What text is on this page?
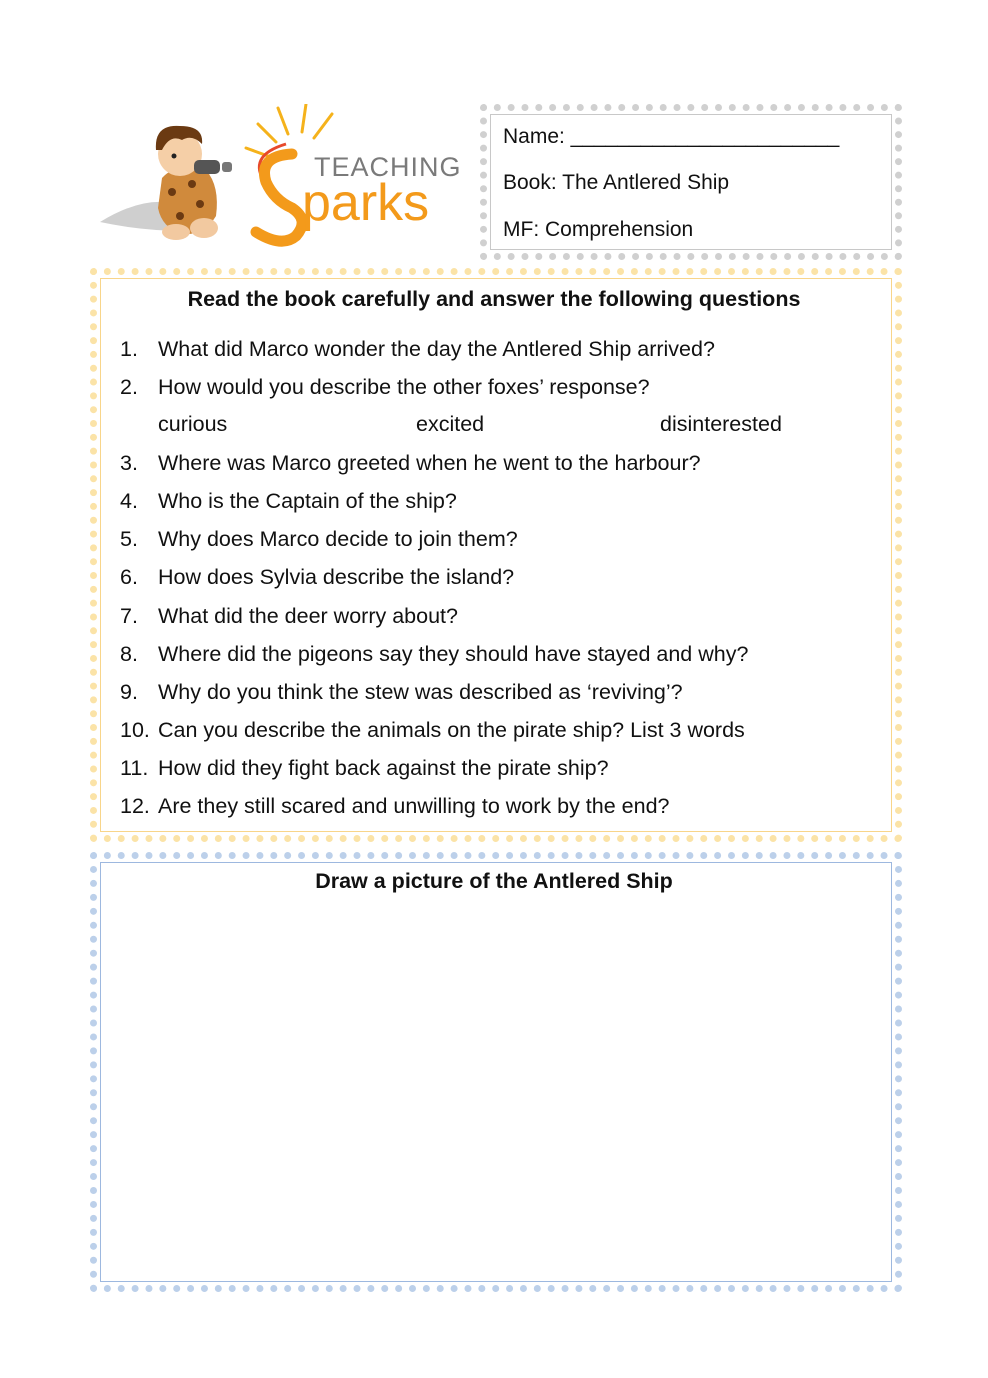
TEACHING
parks
Name: _______________________
Book: The Antlered Ship
MF: Comprehension
Read the book carefully and answer the following questions
1. What did Marco wonder the day the Antlered Ship arrived?
2. How would you describe the other foxes’ response?
curious	excited	disinterested
3. Where was Marco greeted when he went to the harbour?
4. Who is the Captain of the ship?
5. Why does Marco decide to join them?
6. How does Sylvia describe the island?
7. What did the deer worry about?
8. Where did the pigeons say they should have stayed and why?
9. Why do you think the stew was described as ‘reviving’?
10. Can you describe the animals on the pirate ship? List 3 words
11. How did they fight back against the pirate ship?
12. Are they still scared and unwilling to work by the end?
Draw a picture of the Antlered Ship
